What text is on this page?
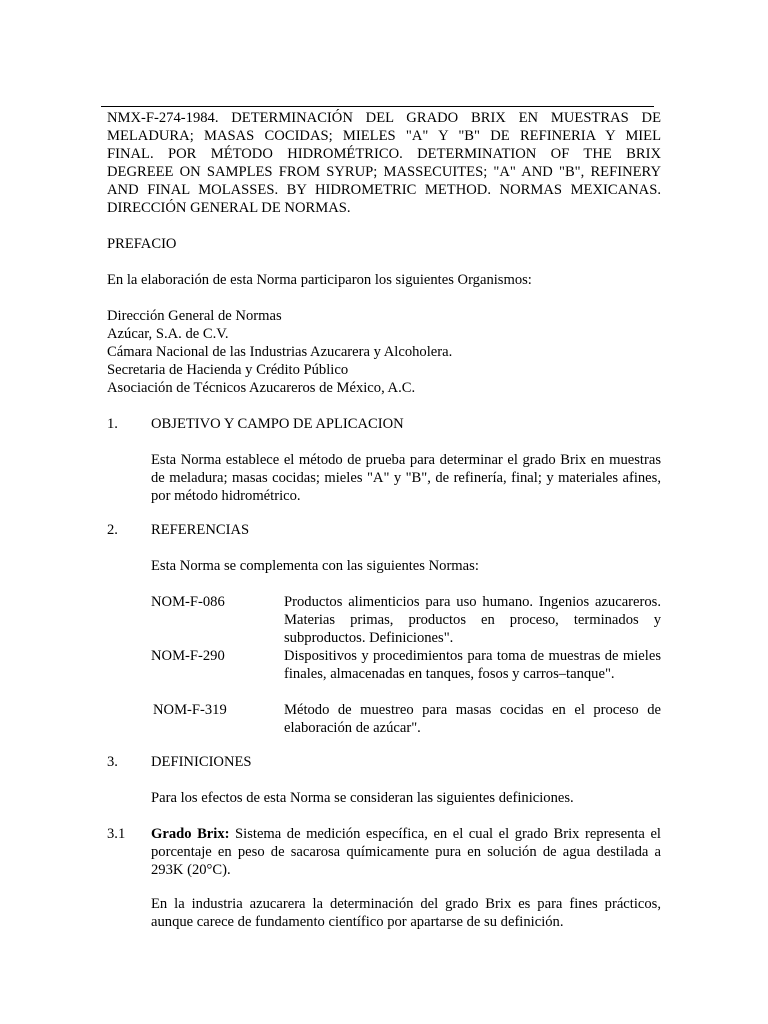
NMX-F-274-1984. DETERMINACIÓN DEL GRADO BRIX EN MUESTRAS DE
MELADURA; MASAS COCIDAS; MIELES "A" Y "B" DE REFINERIA Y MIEL
FINAL. POR MÉTODO HIDROMÉTRICO. DETERMINATION OF THE BRIX
DEGREEE ON SAMPLES FROM SYRUP; MASSECUITES; "A" AND "B", REFINERY
AND FINAL MOLASSES. BY HIDROMETRIC METHOD. NORMAS MEXICANAS.
DIRECCIÓN GENERAL DE NORMAS.
PREFACIO
En la elaboración de esta Norma participaron los siguientes Organismos:
Dirección General de Normas
Azúcar, S.A. de C.V.
Cámara Nacional de las Industrias Azucarera y Alcoholera.
Secretaria de Hacienda y Crédito Público
Asociación de Técnicos Azucareros de México, A.C.
1. OBJETIVO Y CAMPO DE APLICACION

Esta Norma establece el método de prueba para determinar el grado Brix en muestras de meladura; masas cocidas; mieles "A" y "B", de refinería, final; y materiales afines, por método hidrométrico.

2. REFERENCIAS
Esta Norma se complementa con las siguientes Normas:
NOM-F-086	Productos alimenticios para uso humano. Ingenios azucareros. Materias primas, productos en proceso, terminados y subproductos. Definiciones".

NOM-F-290	Dispositivos y procedimientos para toma de muestras de mieles finales, almacenadas en tanques, fosos y carros–tanque".

NOM-F-319	Método de muestreo para masas cocidas en el proceso de elaboración de azúcar".

3. DEFINICIONES
Para los efectos de esta Norma se consideran las siguientes definiciones.
3.1 Grado Brix: Sistema de medición específica, en el cual el grado Brix representa el porcentaje en peso de sacarosa químicamente pura en solución de agua destilada a 293K (20°C).

En la industria azucarera la determinación del grado Brix es para fines prácticos, aunque carece de fundamento científico por apartarse de su definición.
